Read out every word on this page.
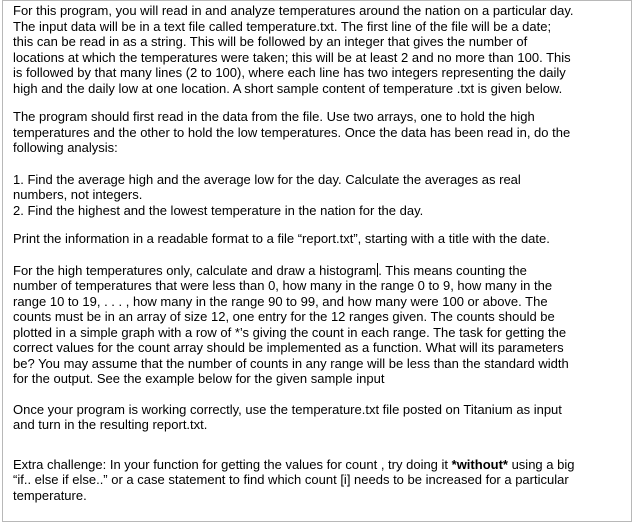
For this program, you will read in and analyze temperatures around the nation on a particular day.
The input data will be in a text file called temperature.txt. The first line of the file will be a date;
this can be read in as a string. This will be followed by an integer that gives the number of
locations at which the temperatures were taken; this will be at least 2 and no more than 100. This
is followed by that many lines (2 to 100), where each line has two integers representing the daily
high and the daily low at one location. A short sample content of temperature .txt is given below.

The program should first read in the data from the file. Use two arrays, one to hold the high
temperatures and the other to hold the low temperatures. Once the data has been read in, do the
following analysis:

1. Find the average high and the average low for the day. Calculate the averages as real
numbers, not integers.
2. Find the highest and the lowest temperature in the nation for the day.

Print the information in a readable format to a file “report.txt”, starting with a title with the date.

For the high temperatures only, calculate and draw a histogram . This means counting the
number of temperatures that were less than 0, how many in the range 0 to 9, how many in the
range 10 to 19, . . . , how many in the range 90 to 99, and how many were 100 or above. The
counts must be in an array of size 12, one entry for the 12 ranges given. The counts should be
plotted in a simple graph with a row of *’s giving the count in each range. The task for getting the
correct values for the count array should be implemented as a function. What will its parameters
be? You may assume that the number of counts in any range will be less than the standard width
for the output. See the example below for the given sample input

Once your program is working correctly, use the temperature.txt file posted on Titanium as input
and turn in the resulting report.txt.

Extra challenge: In your function for getting the values for count , try doing it *without* using a big
“if.. else if else..” or a case statement to find which count [i] needs to be increased for a particular
temperature.
